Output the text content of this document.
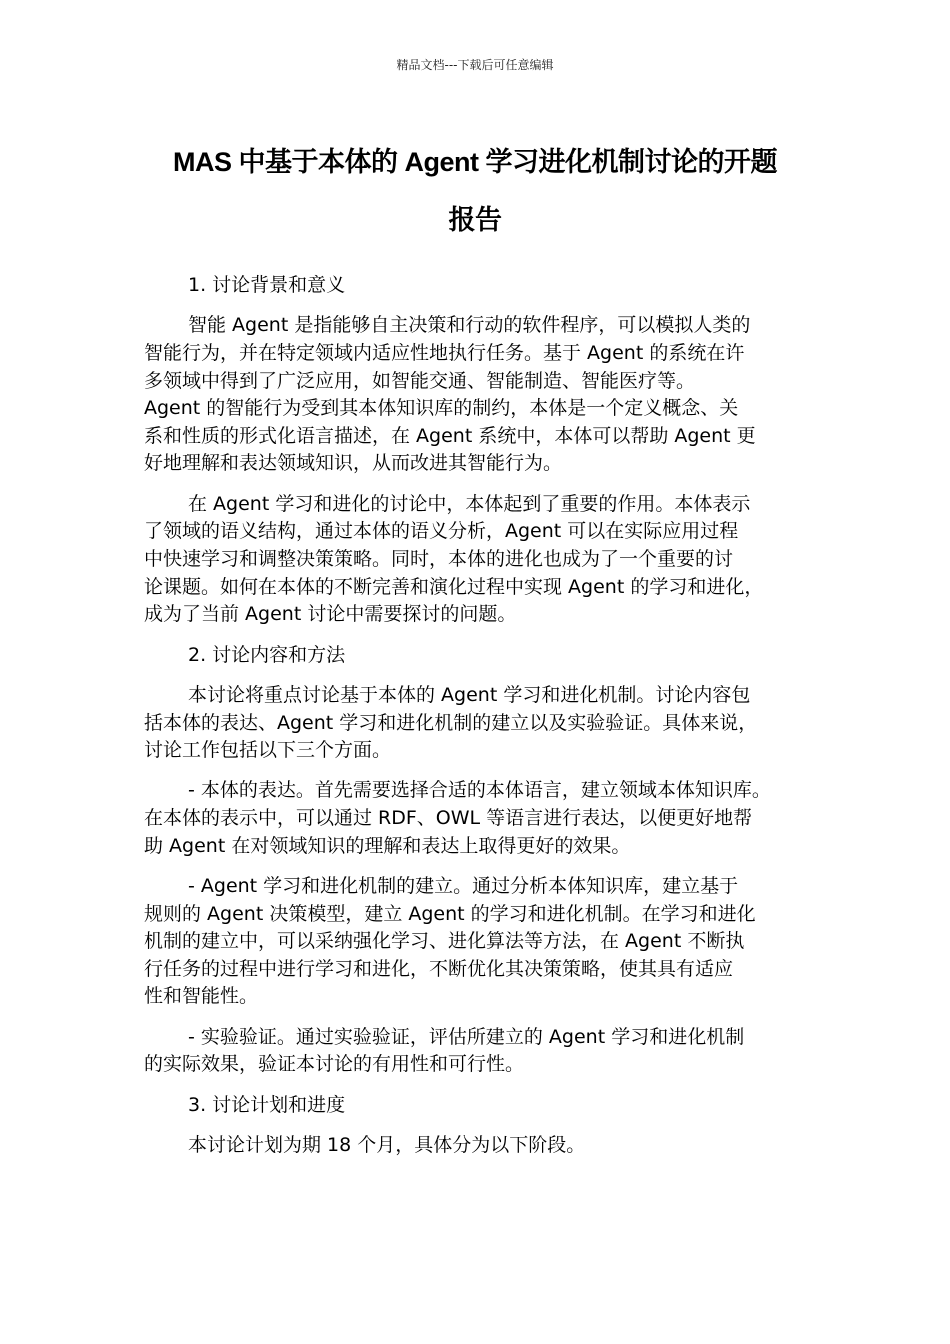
精品文档---下载后可任意编辑
MAS 中基于本体的 Agent 学习进化机制讨论的开题
报告
1. 讨论背景和意义
智能 Agent 是指能够自主决策和行动的软件程序，可以模拟人类的
智能行为，并在特定领域内适应性地执行任务。基于 Agent 的系统在许
多领域中得到了广泛应用，如智能交通、智能制造、智能医疗等。
Agent 的智能行为受到其本体知识库的制约，本体是一个定义概念、关
系和性质的形式化语言描述，在 Agent 系统中，本体可以帮助 Agent 更
好地理解和表达领域知识，从而改进其智能行为。
在 Agent 学习和进化的讨论中，本体起到了重要的作用。本体表示
了领域的语义结构，通过本体的语义分析，Agent 可以在实际应用过程
中快速学习和调整决策策略。同时，本体的进化也成为了一个重要的讨
论课题。如何在本体的不断完善和演化过程中实现 Agent 的学习和进化，
成为了当前 Agent 讨论中需要探讨的问题。
2. 讨论内容和方法
本讨论将重点讨论基于本体的 Agent 学习和进化机制。讨论内容包
括本体的表达、Agent 学习和进化机制的建立以及实验验证。具体来说，
讨论工作包括以下三个方面。
- 本体的表达。首先需要选择合适的本体语言，建立领域本体知识库。
在本体的表示中，可以通过 RDF、OWL 等语言进行表达，以便更好地帮
助 Agent 在对领域知识的理解和表达上取得更好的效果。
- Agent 学习和进化机制的建立。通过分析本体知识库，建立基于
规则的 Agent 决策模型，建立 Agent 的学习和进化机制。在学习和进化
机制的建立中，可以采纳强化学习、进化算法等方法，在 Agent 不断执
行任务的过程中进行学习和进化，不断优化其决策策略，使其具有适应
性和智能性。
- 实验验证。通过实验验证，评估所建立的 Agent 学习和进化机制
的实际效果，验证本讨论的有用性和可行性。
3. 讨论计划和进度
本讨论计划为期 18 个月，具体分为以下阶段。
